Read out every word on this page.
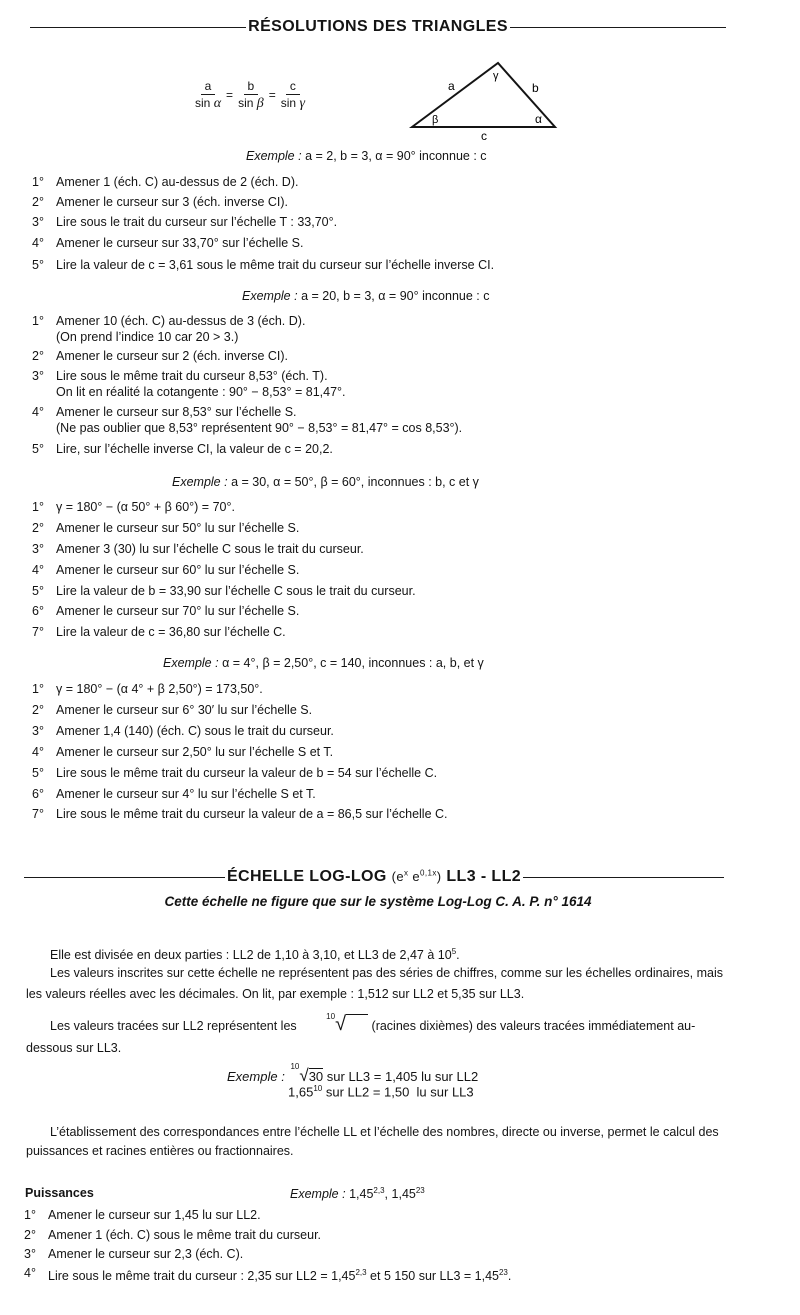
RÉSOLUTIONS DES TRIANGLES
$\frac{a}{\text{sin α}} = \frac{b}{\text{sin β}} = \frac{c}{\text{sin γ}}$	a	b
c
γ
β	α
Exemple : a = 2, b = 3, α = 90° inconnue : c
1° Amener 1 (éch. C) au-dessus de 2 (éch. D).
2° Amener le curseur sur 3 (éch. inverse CI).
3° Lire sous le trait du curseur sur l’échelle T : 33,70°.
4° Amener le curseur sur 33,70° sur l’échelle S.
5° Lire la valeur de c = 3,61 sous le même trait du curseur sur l’échelle inverse CI.
Exemple : a = 20, b = 3, α = 90° inconnue : c
1° Amener 10 (éch. C) au-dessus de 3 (éch. D).
(On prend l’indice 10 car 20 > 3.)
2° Amener le curseur sur 2 (éch. inverse CI).
3° Lire sous le même trait du curseur 8,53° (éch. T).
On lit en réalité la cotangente : 90° − 8,53° = 81,47°.
4° Amener le curseur sur 8,53° sur l’échelle S.
(Ne pas oublier que 8,53° représentent 90° − 8,53° = 81,47° = cos 8,53°).
5° Lire, sur l’échelle inverse CI, la valeur de c = 20,2.
Exemple : a = 30, α = 50°, β = 60°, inconnues : b, c et γ
1° γ = 180° − (α 50° + β 60°) = 70°.
2° Amener le curseur sur 50° lu sur l’échelle S.
3° Amener 3 (30) lu sur l’échelle C sous le trait du curseur.
4° Amener le curseur sur 60° lu sur l’échelle S.
5° Lire la valeur de b = 33,90 sur l’échelle C sous le trait du curseur.
6° Amener le curseur sur 70° lu sur l’échelle S.
7° Lire la valeur de c = 36,80 sur l’échelle C.
Exemple : α = 4°, β = 2,50°, c = 140, inconnues : a, b, et γ
1° γ = 180° − (α 4° + β 2,50°) = 173,50°.
2° Amener le curseur sur 6° 30′ lu sur l’échelle S.
3° Amener 1,4 (140) (éch. C) sous le trait du curseur.
4° Amener le curseur sur 2,50° lu sur l’échelle S et T.
5° Lire sous le même trait du curseur la valeur de b = 54 sur l’échelle C.
6° Amener le curseur sur 4° lu sur l’échelle S et T.
7° Lire sous le même trait du curseur la valeur de a = 86,5 sur l’échelle C.
ÉCHELLE LOG-LOG ($e^x$ $e^{0,1x}$) LL3 - LL2
Cette échelle ne figure que sur le système Log-Log C. A. P. n° 1614
Elle est divisée en deux parties : LL2 de 1,10 à 3,10, et LL3 de 2,47 à $10^5$.
Les valeurs inscrites sur cette échelle ne représentent pas des séries de chiffres, comme sur les échelles ordinaires, mais les valeurs réelles avec les décimales. On lit, par exemple : 1,512 sur LL2 et 5,35 sur LL3.
Les valeurs tracées sur LL2 représentent les $^{10}$√ (racines dixièmes) des valeurs tracées immédiatement au-
dessous sur LL3.
Exemple : $^{10}$√30 sur LL3 = 1,405 lu sur LL2
1,65$^{10}$ sur LL2 = 1,50  lu sur LL3
L’établissement des correspondances entre l’échelle LL et l’échelle des nombres, directe ou inverse, permet le calcul des puissances et racines entières ou fractionnaires.
Puissances	Exemple : 1,45$^{2,3}$, 1,45$^{23}$
1° Amener le curseur sur 1,45 lu sur LL2.
2° Amener 1 (éch. C) sous le même trait du curseur.
3° Amener le curseur sur 2,3 (éch. C).
4° Lire sous le même trait du curseur : 2,35 sur $LL2 = 1,45^{2,3}$ et 5 150 sur $LL3 = 1,45^{23}$.
